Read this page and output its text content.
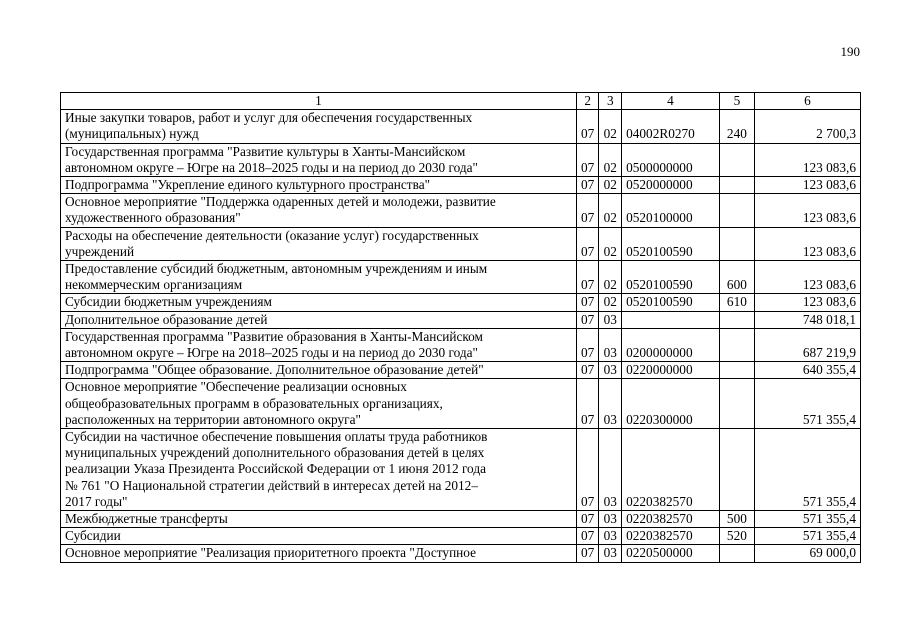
190
1	2	3	4	5	6
Иные закупки товаров, работ и услуг для обеспечения государственных
(муниципальных) нужд	07	02	04002R0270	240	2 700,3
Государственная программа "Развитие культуры в Ханты-Мансийском
автономном округе – Югре на 2018–2025 годы и на период до 2030 года"	07	02	0500000000		123 083,6
Подпрограмма "Укрепление единого культурного пространства"	07	02	0520000000		123 083,6
Основное мероприятие "Поддержка одаренных детей и молодежи, развитие
художественного образования"	07	02	0520100000		123 083,6
Расходы на обеспечение деятельности (оказание услуг) государственных
учреждений	07	02	0520100590		123 083,6
Предоставление субсидий бюджетным, автономным учреждениям и иным
некоммерческим организациям	07	02	0520100590	600	123 083,6
Субсидии бюджетным учреждениям	07	02	0520100590	610	123 083,6
Дополнительное образование детей	07	03			748 018,1
Государственная программа "Развитие образования в Ханты-Мансийском
автономном округе – Югре на 2018–2025 годы и на период до 2030 года"	07	03	0200000000		687 219,9
Подпрограмма "Общее образование. Дополнительное образование детей"	07	03	0220000000		640 355,4
Основное мероприятие "Обеспечение реализации основных
общеобразовательных программ в образовательных организациях,
расположенных на территории автономного округа"	07	03	0220300000		571 355,4
Субсидии на частичное обеспечение повышения оплаты труда работников
муниципальных учреждений дополнительного образования детей в целях
реализации Указа Президента Российской Федерации от 1 июня 2012 года
№ 761 "О Национальной стратегии действий в интересах детей на 2012–
2017 годы"	07	03	0220382570		571 355,4
Межбюджетные трансферты	07	03	0220382570	500	571 355,4
Субсидии	07	03	0220382570	520	571 355,4
Основное мероприятие "Реализация приоритетного проекта "Доступное	07	03	0220500000		69 000,0
